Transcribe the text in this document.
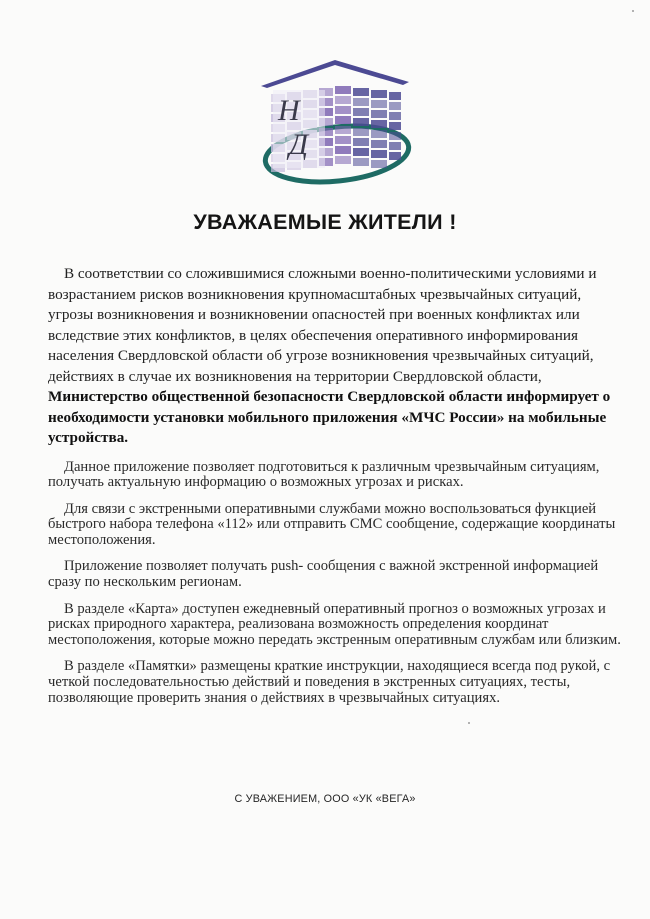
Н
Д
УВАЖАЕМЫЕ ЖИТЕЛИ !

В соответствии со сложившимися сложными военно-политическими условиями и возрастанием рисков возникновения крупномасштабных чрезвычайных ситуаций, угрозы возникновения и возникновении опасностей при военных конфликтах или вследствие этих конфликтов, в целях обеспечения оперативного информирования населения Свердловской области об угрозе возникновения чрезвычайных ситуаций, действиях в случае их возникновения на территории Свердловской области, Министерство общественной безопасности Свердловской области информирует о необходимости установки мобильного приложения «МЧС России» на мобильные устройства.

Данное приложение позволяет подготовиться к различным чрезвычайным ситуациям, получать актуальную информацию о возможных угрозах и рисках.

Для связи с экстренными оперативными службами можно воспользоваться функцией быстрого набора телефона «112» или отправить СМС сообщение, содержащие координаты местоположения.

Приложение позволяет получать push- сообщения с важной экстренной информацией сразу по нескольким регионам.

В разделе «Карта» доступен ежедневный оперативный прогноз о возможных угрозах и рисках природного характера, реализована возможность определения координат местоположения, которые можно передать экстренным оперативным службам или близким.

В разделе «Памятки» размещены краткие инструкции, находящиеся всегда под рукой, с четкой последовательностью действий и поведения в экстренных ситуациях, тесты, позволяющие проверить знания о действиях в чрезвычайных ситуациях.

С УВАЖЕНИЕМ, ООО «УК «ВЕГА»
